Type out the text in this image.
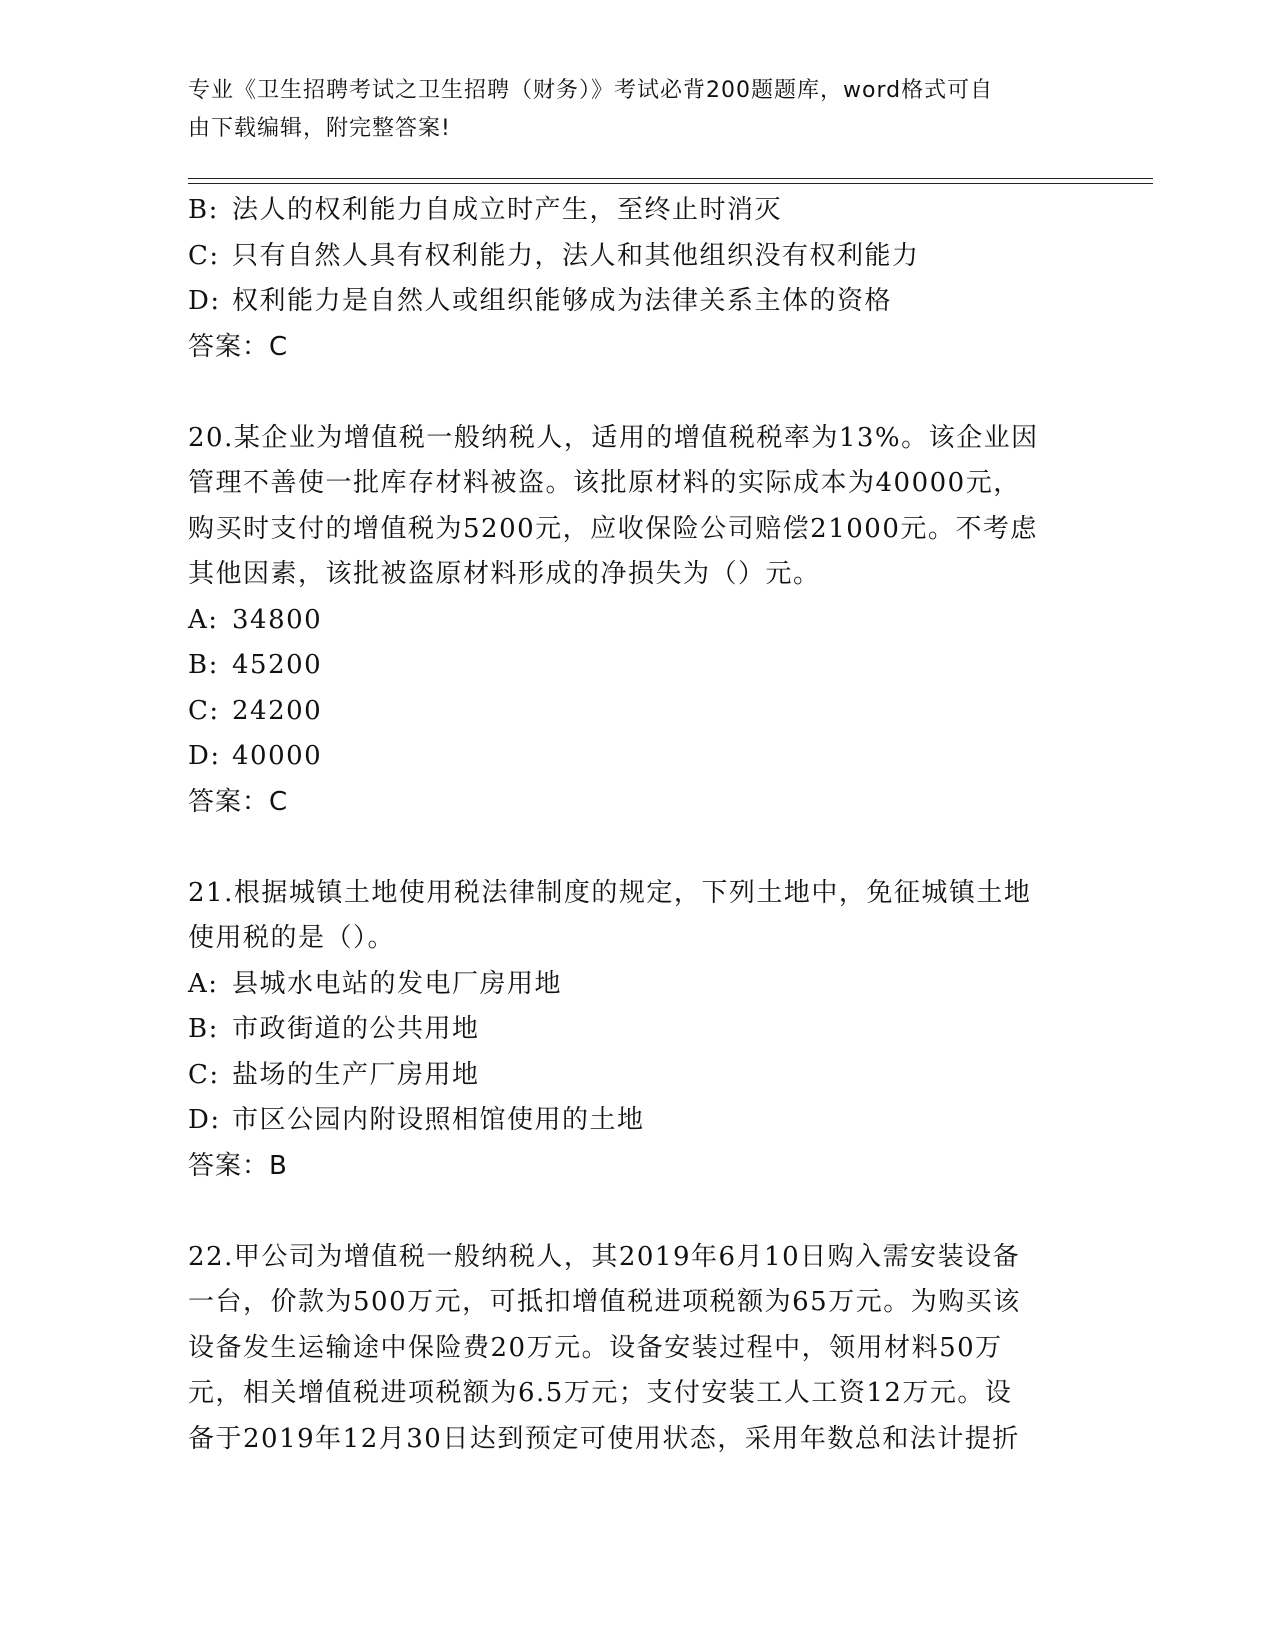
专业《卫生招聘考试之卫生招聘（财务）》考试必背200题题库，word格式可自
由下载编辑，附完整答案!
B: 法人的权利能力自成立时产生，至终止时消灭
C: 只有自然人具有权利能力，法人和其他组织没有权利能力
D: 权利能力是自然人或组织能够成为法律关系主体的资格
答案：C
20.某企业为增值税一般纳税人，适用的增值税税率为13%。该企业因
管理不善使一批库存材料被盗。该批原材料的实际成本为40000元，
购买时支付的增值税为5200元，应收保险公司赔偿21000元。不考虑
其他因素，该批被盗原材料形成的净损失为（）元。
A: 34800
B: 45200
C: 24200
D: 40000
答案：C
21.根据城镇土地使用税法律制度的规定，下列土地中，免征城镇土地
使用税的是（）。
A: 县城水电站的发电厂房用地
B: 市政街道的公共用地
C: 盐场的生产厂房用地
D: 市区公园内附设照相馆使用的土地
答案：B
22.甲公司为增值税一般纳税人，其2019年6月10日购入需安装设备
一台，价款为500万元，可抵扣增值税进项税额为65万元。为购买该
设备发生运输途中保险费20万元。设备安装过程中，领用材料50万
元，相关增值税进项税额为6.5万元；支付安装工人工资12万元。设
备于2019年12月30日达到预定可使用状态，采用年数总和法计提折
